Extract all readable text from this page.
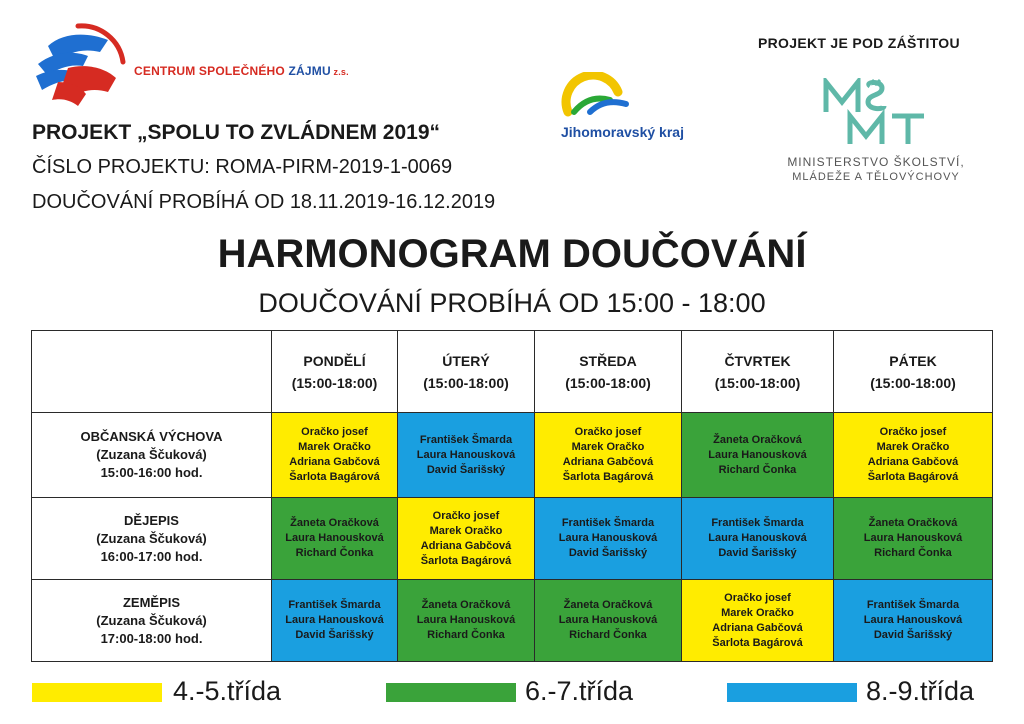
CENTRUM SPOLEČNÉHO ZÁJMU z.s.
PROJEKT „SPOLU TO ZVLÁDNEM 2019“
ČÍSLO PROJEKTU: ROMA-PIRM-2019-1-0069
DOUČOVÁNÍ PROBÍHÁ OD 18.11.2019-16.12.2019
Jihomoravský kraj
PROJEKT JE POD ZÁŠTITOU
MINISTERSTVO ŠKOLSTVÍ,
MLÁDEŽE A TĚLOVÝCHOVY
HARMONOGRAM DOUČOVÁNÍ
DOUČOVÁNÍ PROBÍHÁ OD 15:00 - 18:00
	PONDĚLÍ
(15:00-18:00)	ÚTERÝ
(15:00-18:00)	STŘEDA
(15:00-18:00)	ČTVRTEK
(15:00-18:00)	PÁTEK
(15:00-18:00)
OBČANSKÁ VÝCHOVA
(Zuzana Ščuková)
15:00-16:00 hod.	Oračko josef
Marek Oračko
Adriana Gabčová
Šarlota Bagárová	František Šmarda
Laura Hanousková
David Šarišský	Oračko josef
Marek Oračko
Adriana Gabčová
Šarlota Bagárová	Žaneta Oračková
Laura Hanousková
Richard Čonka	Oračko josef
Marek Oračko
Adriana Gabčová
Šarlota Bagárová

DĚJEPIS
(Zuzana Ščuková)
16:00-17:00 hod.	Žaneta Oračková
Laura Hanousková
Richard Čonka	Oračko josef
Marek Oračko
Adriana Gabčová
Šarlota Bagárová	František Šmarda
Laura Hanousková
David Šarišský	František Šmarda
Laura Hanousková
David Šarišský	Žaneta Oračková
Laura Hanousková
Richard Čonka

ZEMĚPIS
(Zuzana Ščuková)
17:00-18:00 hod.	František Šmarda
Laura Hanousková
David Šarišský	Žaneta Oračková
Laura Hanousková
Richard Čonka	Žaneta Oračková
Laura Hanousková
Richard Čonka	Oračko josef
Marek Oračko
Adriana Gabčová
Šarlota Bagárová	František Šmarda
Laura Hanousková
David Šarišský
4.-5.třída	6.-7.třída	8.-9.třída
